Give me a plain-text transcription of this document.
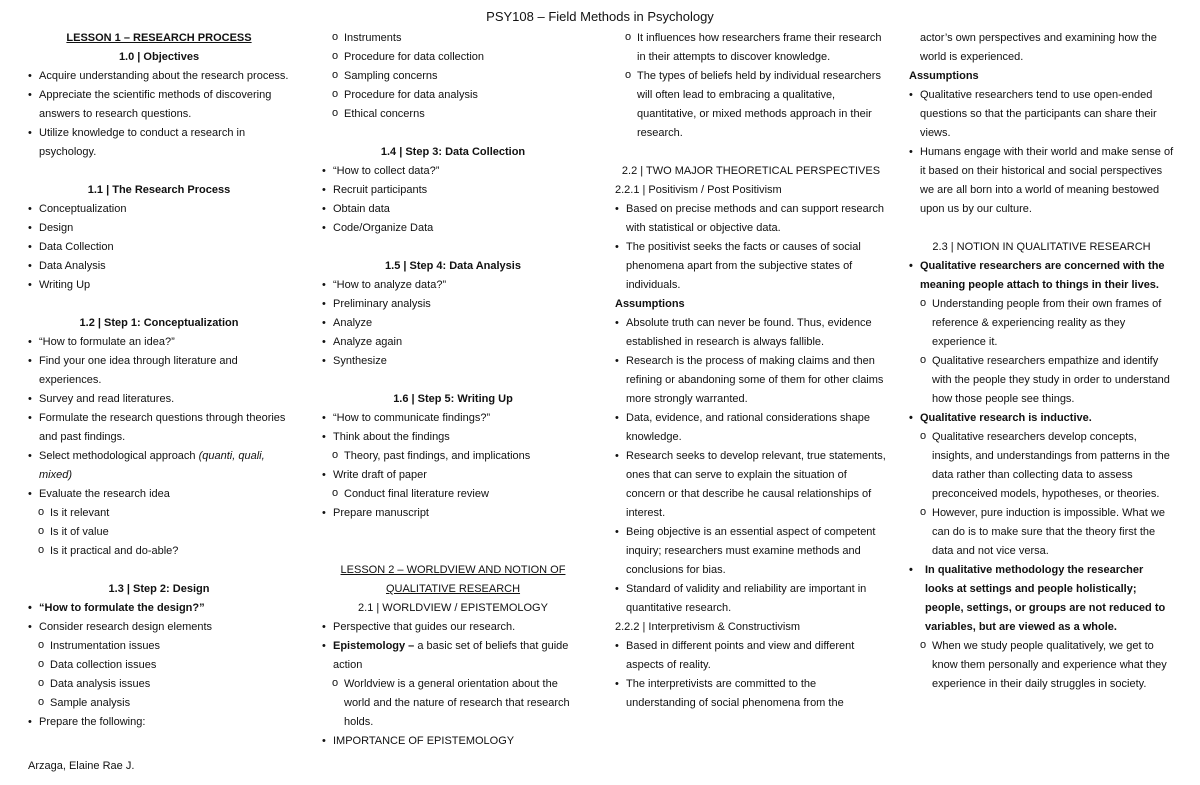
PSY108 – Field Methods in Psychology
LESSON 1 – RESEARCH PROCESS
1.0 | Objectives
• Acquire understanding about the research process.
• Appreciate the scientific methods of discovering answers to research questions.
• Utilize knowledge to conduct a research in psychology.
1.1 | The Research Process
• Conceptualization
• Design
• Data Collection
• Data Analysis
• Writing Up
1.2 | Step 1: Conceptualization
• “How to formulate an idea?”
• Find your one idea through literature and experiences.
• Survey and read literatures.
• Formulate the research questions through theories and past findings.
• Select methodological approach (quanti, quali, mixed)
• Evaluate the research idea
o Is it relevant
o Is it of value
o Is it practical and do-able?
1.3 | Step 2: Design
• “How to formulate the design?”
• Consider research design elements
o Instrumentation issues
o Data collection issues
o Data analysis issues
o Sample analysis
• Prepare the following:
Arzaga, Elaine Rae J.
o Instruments
o Procedure for data collection
o Sampling concerns
o Procedure for data analysis
o Ethical concerns
1.4 | Step 3: Data Collection
• “How to collect data?”
• Recruit participants
• Obtain data
• Code/Organize Data
1.5 | Step 4: Data Analysis
• “How to analyze data?”
• Preliminary analysis
• Analyze
• Analyze again
• Synthesize
1.6 | Step 5: Writing Up
• “How to communicate findings?”
• Think about the findings
o Theory, past findings, and implications
• Write draft of paper
o Conduct final literature review
• Prepare manuscript
LESSON 2 – WORLDVIEW AND NOTION OF QUALITATIVE RESEARCH
2.1 | WORLDVIEW / EPISTEMOLOGY
• Perspective that guides our research.
• Epistemology – a basic set of beliefs that guide action
o Worldview is a general orientation about the world and the nature of research that research holds.
• IMPORTANCE OF EPISTEMOLOGY
o It influences how researchers frame their research in their attempts to discover knowledge.
o The types of beliefs held by individual researchers will often lead to embracing a qualitative, quantitative, or mixed methods approach in their research.
2.2 | TWO MAJOR THEORETICAL PERSPECTIVES
2.2.1 | Positivism / Post Positivism
• Based on precise methods and can support research with statistical or objective data.
• The positivist seeks the facts or causes of social phenomena apart from the subjective states of individuals.
Assumptions
• Absolute truth can never be found. Thus, evidence established in research is always fallible.
• Research is the process of making claims and then refining or abandoning some of them for other claims more strongly warranted.
• Data, evidence, and rational considerations shape knowledge.
• Research seeks to develop relevant, true statements, ones that can serve to explain the situation of concern or that describe he causal relationships of interest.
• Being objective is an essential aspect of competent inquiry; researchers must examine methods and conclusions for bias.
• Standard of validity and reliability are important in quantitative research.
2.2.2 | Interpretivism & Constructivism
• Based in different points and view and different aspects of reality.
• The interpretivists are committed to the understanding of social phenomena from the
actor’s own perspectives and examining how the world is experienced.
Assumptions
• Qualitative researchers tend to use open-ended questions so that the participants can share their views.
• Humans engage with their world and make sense of it based on their historical and social perspectives we are all born into a world of meaning bestowed upon us by our culture.
2.3 | NOTION IN QUALITATIVE RESEARCH
• Qualitative researchers are concerned with the meaning people attach to things in their lives.
o Understanding people from their own frames of reference & experiencing reality as they experience it.
o Qualitative researchers empathize and identify with the people they study in order to understand how those people see things.
• Qualitative research is inductive.
o Qualitative researchers develop concepts, insights, and understandings from patterns in the data rather than collecting data to assess preconceived models, hypotheses, or theories.
o However, pure induction is impossible. What we can do is to make sure that the theory first the data and not vice versa.
• In qualitative methodology the researcher looks at settings and people holistically; people, settings, or groups are not reduced to variables, but are viewed as a whole.
o When we study people qualitatively, we get to know them personally and experience what they experience in their daily struggles in society.
